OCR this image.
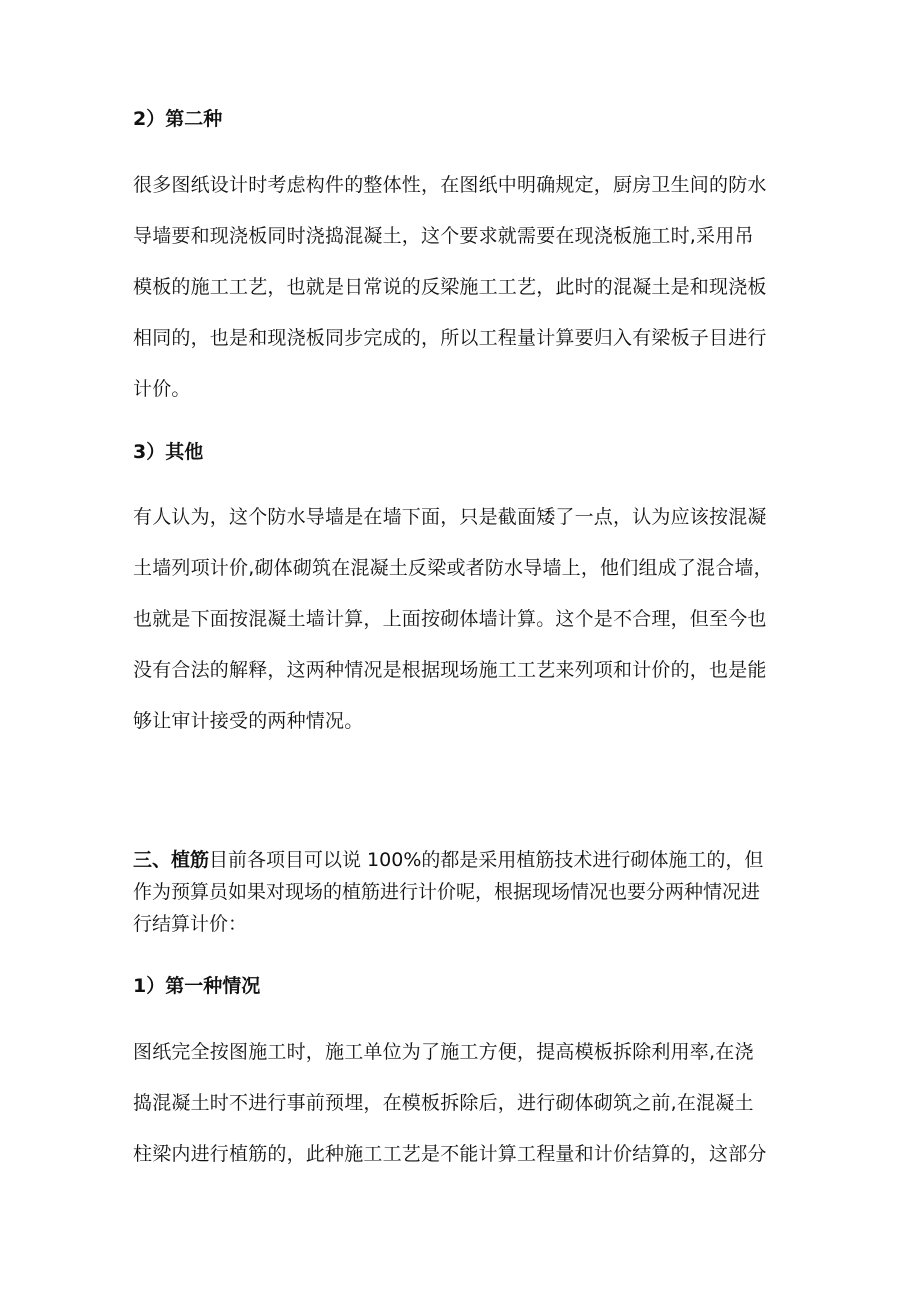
2）第二种
很多图纸设计时考虑构件的整体性，在图纸中明确规定，厨房卫生间的防水
导墙要和现浇板同时浇捣混凝土，这个要求就需要在现浇板施工时,采用吊
模板的施工工艺，也就是日常说的反梁施工工艺，此时的混凝土是和现浇板
相同的，也是和现浇板同步完成的，所以工程量计算要归入有梁板子目进行
计价。
3）其他
有人认为，这个防水导墙是在墙下面，只是截面矮了一点，认为应该按混凝
土墙列项计价,砌体砌筑在混凝土反梁或者防水导墙上，他们组成了混合墙，
也就是下面按混凝土墙计算，上面按砌体墙计算。这个是不合理，但至今也
没有合法的解释，这两种情况是根据现场施工工艺来列项和计价的，也是能
够让审计接受的两种情况。
三、植筋目前各项目可以说 100%的都是采用植筋技术进行砌体施工的，但
作为预算员如果对现场的植筋进行计价呢，根据现场情况也要分两种情况进
行结算计价：
1）第一种情况
图纸完全按图施工时，施工单位为了施工方便，提高模板拆除利用率,在浇
捣混凝土时不进行事前预埋，在模板拆除后，进行砌体砌筑之前,在混凝土
柱梁内进行植筋的，此种施工工艺是不能计算工程量和计价结算的，这部分
